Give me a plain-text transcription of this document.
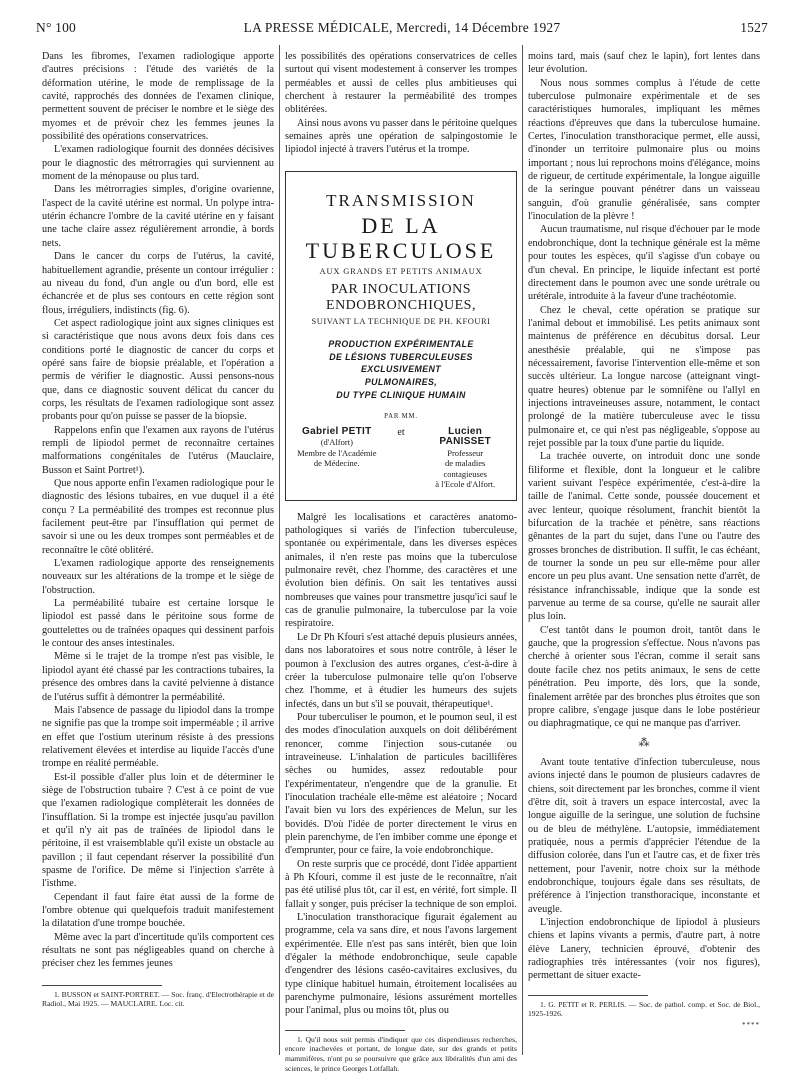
N° 100	LA PRESSE MÉDICALE, Mercredi, 14 Décembre 1927	1527

Dans les fibromes, l'examen radiologique apporte d'autres précisions : l'étude des variétés de la déformation utérine, le mode de remplissage de la cavité, rapprochés des données de l'examen clinique, permettent souvent de préciser le nombre et le siège des myomes et de prévoir chez les femmes jeunes la possibilité des opérations conservatrices.

L'examen radiologique fournit des données décisives pour le diagnostic des métrorragies qui surviennent au moment de la ménopause ou plus tard.

Dans les métrorragies simples, d'origine ovarienne, l'aspect de la cavité utérine est normal. Un polype intra-utérin échancre l'ombre de la cavité utérine en y faisant une tache claire assez régulièrement arrondie, à bords nets.

Dans le cancer du corps de l'utérus, la cavité, habituellement agrandie, présente un contour irrégulier : au niveau du fond, d'un angle ou d'un bord, elle est échancrée et de plus ses contours en cette région sont flous, irréguliers, indistincts (fig. 6).

Cet aspect radiologique joint aux signes cliniques est si caractéristique que nous avons deux fois dans ces conditions porté le diagnostic de cancer du corps et opéré sans faire de biopsie préalable, et l'opération a permis de vérifier le diagnostic. Aussi pensons-nous que, dans ce diagnostic souvent délicat du cancer du corps, les résultats de l'examen radiologique sont assez probants pour qu'on puisse se passer de la biopsie.

Rappelons enfin que l'examen aux rayons de l'utérus rempli de lipiodol permet de reconnaître certaines malformations congénitales de l'utérus (Mauclaire, Busson et Saint Portret¹).

Que nous apporte enfin l'examen radiologique pour le diagnostic des lésions tubaires, en vue duquel il a été conçu ? La perméabilité des trompes est reconnue plus facilement peut-être par l'insufflation qui permet de savoir si une ou les deux trompes sont perméables et de reconnaître le côté oblitéré.

L'examen radiologique apporte des renseignements nouveaux sur les altérations de la trompe et le siège de l'obstruction.

La perméabilité tubaire est certaine lorsque le lipiodol est passé dans le péritoine sous forme de gouttelettes ou de traînées opaques qui dessinent parfois le contour des anses intestinales.

Même si le trajet de la trompe n'est pas visible, le lipiodol ayant été chassé par les contractions tubaires, la présence des ombres dans la cavité pelvienne à distance de l'utérus suffit à démontrer la perméabilité.

Mais l'absence de passage du lipiodol dans la trompe ne signifie pas que la trompe soit imperméable ; il arrive en effet que l'ostium uterinum résiste à des pressions relativement élevées et interdise au liquide l'accès d'une trompe en réalité perméable.

Est-il possible d'aller plus loin et de déterminer le siège de l'obstruction tubaire ? C'est à ce point de vue que l'examen radiologique complèterait les données de l'insufflation. Si la trompe est injectée jusqu'au pavillon et qu'il n'y ait pas de traînées de lipiodol dans le péritoine, il est vraisemblable qu'il existe un obstacle au pavillon ; il faut cependant réserver la possibilité d'un spasme de l'orifice. De même si l'injection s'arrête à l'isthme.

Cependant il faut faire état aussi de la forme de l'ombre obtenue qui quelquefois traduit manifestement la dilatation d'une trompe bouchée.

Même avec la part d'incertitude qu'ils comportent ces résultats ne sont pas négligeables quand on cherche à préciser chez les femmes jeunes

1. BUSSON et SAINT-PORTRET. — Soc. franç. d'Electrothérapie et de Radiol., Mai 1925. — MAUCLAIRE. Loc. cit.

les possibilités des opérations conservatrices de celles surtout qui visent modestement à conserver les trompes perméables et aussi de celles plus ambitieuses qui cherchent à restaurer la perméabilité des trompes oblitérées.

Ainsi nous avons vu passer dans le péritoine quelques semaines après une opération de salpingostomie le lipiodol injecté à travers l'utérus et la trompe.

TRANSMISSION
DE LA TUBERCULOSE
AUX GRANDS ET PETITS ANIMAUX
PAR INOCULATIONS ENDOBRONCHIQUES,
SUIVANT LA TECHNIQUE DE PH. KFOURI
PRODUCTION EXPÉRIMENTALE
DE LÉSIONS TUBERCULEUSES EXCLUSIVEMENT
PULMONAIRES,
DU TYPE CLINIQUE HUMAIN
PAR MM.
Gabriel PETIT
(d'Alfort)
Membre de l'Académie
de Médecine.
et	Lucien PANISSET
Professeur
de maladies contagieuses
à l'Ecole d'Alfort.

Malgré les localisations et caractères anatomo-pathologiques si variés de l'infection tuberculeuse, spontanée ou expérimentale, dans les diverses espèces animales, il n'en reste pas moins que la tuberculose pulmonaire revêt, chez l'homme, des caractères et une évolution bien définis. On sait les tentatives aussi nombreuses que vaines pour transmettre jusqu'ici sauf le cas de granulie pulmonaire, la tuberculose par la voie respiratoire.

Le Dr Ph Kfouri s'est attaché depuis plusieurs années, dans nos laboratoires et sous notre contrôle, à léser le poumon à l'exclusion des autres organes, c'est-à-dire à créer la tuberculose pulmonaire telle qu'on l'observe chez l'homme, et à étudier les humeurs des sujets infectés, dans un but s'il se pouvait, thérapeutique¹.

Pour tuberculiser le poumon, et le poumon seul, il est des modes d'inoculation auxquels on doit délibérément renoncer, comme l'injection sous-cutanée ou intraveineuse. L'inhalation de particules bacillifères sèches ou humides, assez redoutable pour l'expérimentateur, n'engendre que de la granulie. Et l'inoculation trachéale elle-même est aléatoire ; Nocard l'avait bien vu lors des expériences de Melun, sur les bovidés. D'où l'idée de porter directement le virus en plein parenchyme, de l'en imbiber comme une éponge et d'emprunter, pour ce faire, la voie endobronchique.

On reste surpris que ce procédé, dont l'idée appartient à Ph Kfouri, comme il est juste de le reconnaître, n'ait pas été utilisé plus tôt, car il est, en vérité, fort simple. Il fallait y songer, puis préciser la technique de son emploi.

L'inoculation transthoracique figurait également au programme, cela va sans dire, et nous l'avons largement expérimentée. Elle n'est pas sans intérêt, bien que loin d'égaler la méthode endobronchique, seule capable d'engendrer des lésions caséo-cavitaires exclusives, du type clinique habituel humain, étroitement localisées au parenchyme pulmonaire, lésions assurément mortelles pour l'animal, plus ou moins tôt, plus ou

1. Qu'il nous soit permis d'indiquer que ces dispendieuses recherches, encore inachevées et portant, de longue date, sur des grands et petits mammifères, n'ont pu se poursuivre que grâce aux libéralités d'un ami des sciences, le prince Georges Lotfallah.

moins tard, mais (sauf chez le lapin), fort lentes dans leur évolution.

Nous nous sommes complus à l'étude de cette tuberculose pulmonaire expérimentale et de ses caractéristiques humorales, impliquant les mêmes réactions d'épreuves que dans la tuberculose humaine. Certes, l'inoculation transthoracique permet, elle aussi, d'inonder un territoire pulmonaire plus ou moins important ; nous lui reprochons moins d'élégance, moins de rigueur, de certitude expérimentale, la longue aiguille de la seringue pouvant pénétrer dans un vaisseau sanguin, d'où granulie généralisée, sans compter l'inoculation de la plèvre !

Aucun traumatisme, nul risque d'échouer par le mode endobronchique, dont la technique générale est la même pour toutes les espèces, qu'il s'agisse d'un cobaye ou d'un cheval. En principe, le liquide infectant est porté directement dans le poumon avec une sonde urétrale ou urétérale, introduite à la faveur d'une trachéotomie.

Chez le cheval, cette opération se pratique sur l'animal debout et immobilisé. Les petits animaux sont maintenus de préférence en décubitus dorsal. Leur anesthésie préalable, qui ne s'impose pas nécessairement, favorise l'intervention elle-même et son succès ultérieur. La longue narcose (atteignant vingt-quatre heures) obtenue par le somnifène ou l'allyl en injections intraveineuses assure, notamment, le contact prolongé de la matière tuberculeuse avec le tissu pulmonaire et, ce qui n'est pas négligeable, s'oppose au rejet possible par la toux d'une partie du liquide.

La trachée ouverte, on introduit donc une sonde filiforme et flexible, dont la longueur et le calibre varient suivant l'espèce expérimentée, c'est-à-dire la taille de l'animal. Cette sonde, poussée doucement et avec lenteur, quoique résolument, franchit bientôt la bifurcation de la trachée et pénètre, sans réactions gênantes de la part du sujet, dans l'une ou l'autre des grosses bronches de distribution. Il suffit, le cas échéant, de tourner la sonde un peu sur elle-même pour aller encore un peu plus avant. Une sensation nette d'arrêt, de résistance infranchissable, indique que la sonde est parvenue au terme de sa course, qu'elle ne saurait aller plus loin.

C'est tantôt dans le poumon droit, tantôt dans le gauche, que la progression s'effectue. Nous n'avons pas cherché à orienter sous l'écran, comme il serait sans doute facile chez nos petits animaux, le sens de cette pénétration. Peu importe, dès lors, que la sonde, finalement arrêtée par des bronches plus étroites que son propre calibre, s'engage jusque dans le lobe postérieur ou diaphragmatique, ce qui ne manque pas d'arriver.

⁂

Avant toute tentative d'infection tuberculeuse, nous avions injecté dans le poumon de plusieurs cadavres de chiens, soit directement par les bronches, comme il vient d'être dit, soit à travers un espace intercostal, avec la longue aiguille de la seringue, une solution de fuchsine ou de bleu de méthylène. L'autopsie, immédiatement pratiquée, nous a permis d'apprécier l'étendue de la diffusion colorée, dans l'un et l'autre cas, et de fixer très nettement, pour l'avenir, notre choix sur la méthode endobronchique, toujours égale dans ses résultats, de préférence à l'injection transthoracique, inconstante et aveugle.

L'injection endobronchique de lipiodol à plusieurs chiens et lapins vivants a permis, d'autre part, à notre élève Lanery, technicien éprouvé, d'obtenir des radiographies très intéressantes (voir nos figures), permettant de situer exacte-

1. G. PETIT et R. PERLIS. — Soc. de pathol. comp. et Soc. de Biol., 1925-1926.

****
